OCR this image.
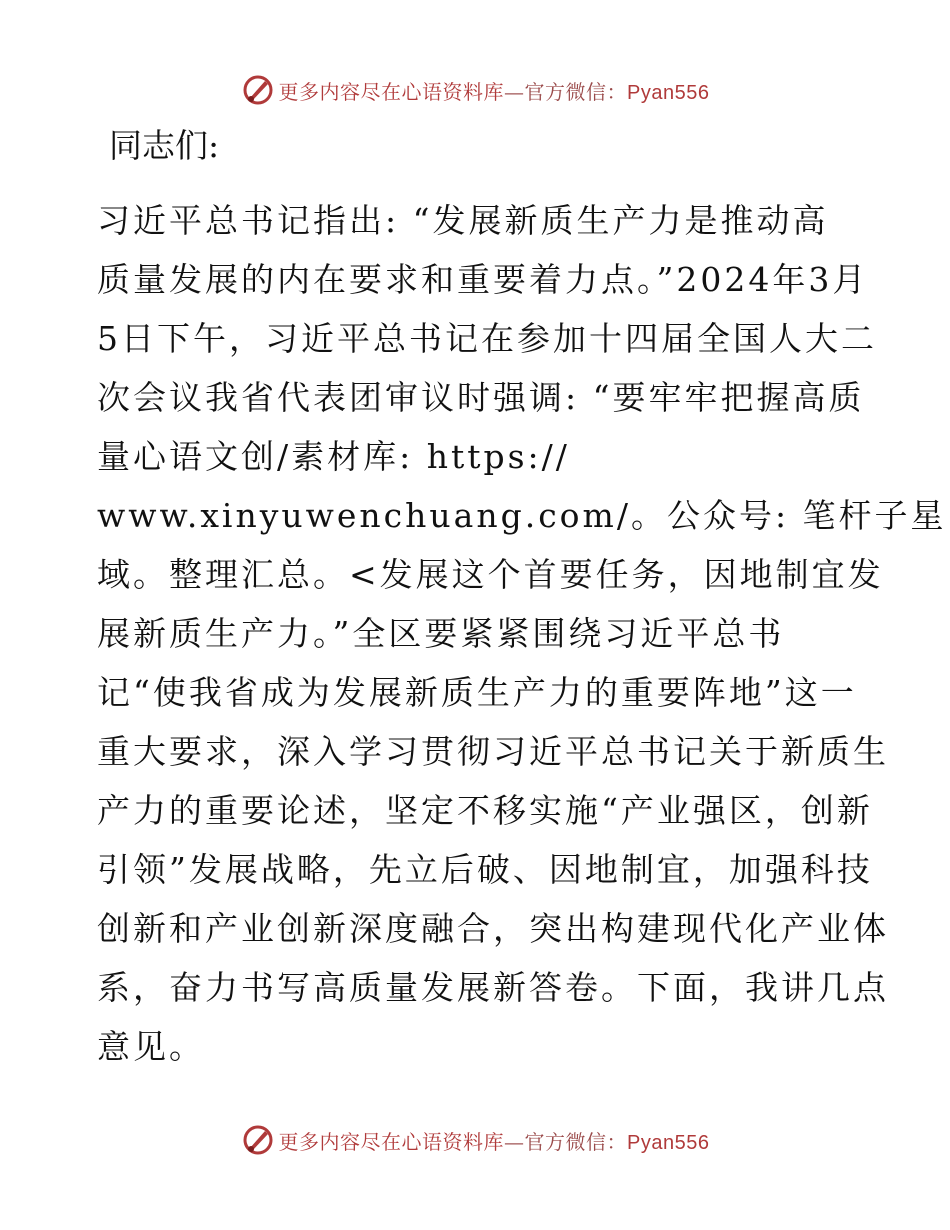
更多内容尽在心语资料库—官方微信：Pyan556
同志们:
习近平总书记指出: “发展新质生产力是推动高
质量发展的内在要求和重要着力点。”2024年3月
5日下午，习近平总书记在参加十四届全国人大二
次会议我省代表团审议时强调: “要牢牢把握高质
量心语文创/素材库: https://
www.xinyuwenchuang.com/。公众号: 笔杆子星
域。整理汇总。<发展这个首要任务，因地制宜发
展新质生产力。”全区要紧紧围绕习近平总书
记“使我省成为发展新质生产力的重要阵地”这一
重大要求，深入学习贯彻习近平总书记关于新质生
产力的重要论述，坚定不移实施“产业强区，创新
引领”发展战略，先立后破、因地制宜，加强科技
创新和产业创新深度融合，突出构建现代化产业体
系，奋力书写高质量发展新答卷。下面，我讲几点
意见。
更多内容尽在心语资料库—官方微信：Pyan556
